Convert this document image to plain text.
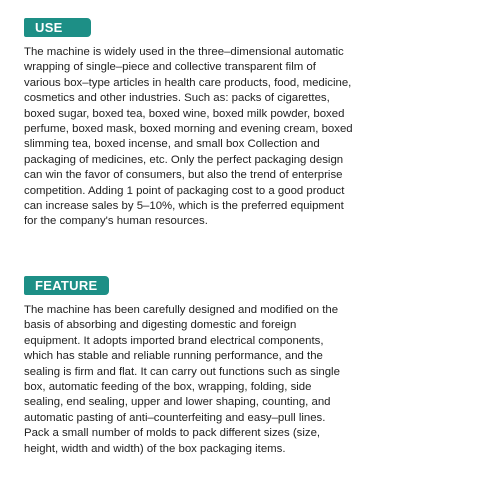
USE
The machine is widely used in the three–dimensional automatic
wrapping of single–piece and collective transparent film of
various box–type articles in health care products, food, medicine,
cosmetics and other industries. Such as: packs of cigarettes,
boxed sugar, boxed tea, boxed wine, boxed milk powder, boxed
perfume, boxed mask, boxed morning and evening cream, boxed
slimming tea, boxed incense, and small box Collection and
packaging of medicines, etc. Only the perfect packaging design
can win the favor of consumers, but also the trend of enterprise
competition. Adding 1 point of packaging cost to a good product
can increase sales by 5–10%, which is the preferred equipment
for the company's human resources.
FEATURE
The machine has been carefully designed and modified on the
basis of absorbing and digesting domestic and foreign
equipment. It adopts imported brand electrical components,
which has stable and reliable running performance, and the
sealing is firm and flat. It can carry out functions such as single
box, automatic feeding of the box, wrapping, folding, side
sealing, end sealing, upper and lower shaping, counting, and
automatic pasting of anti–counterfeiting and easy–pull lines.
Pack a small number of molds to pack different sizes (size,
height, width and width) of the box packaging items.
